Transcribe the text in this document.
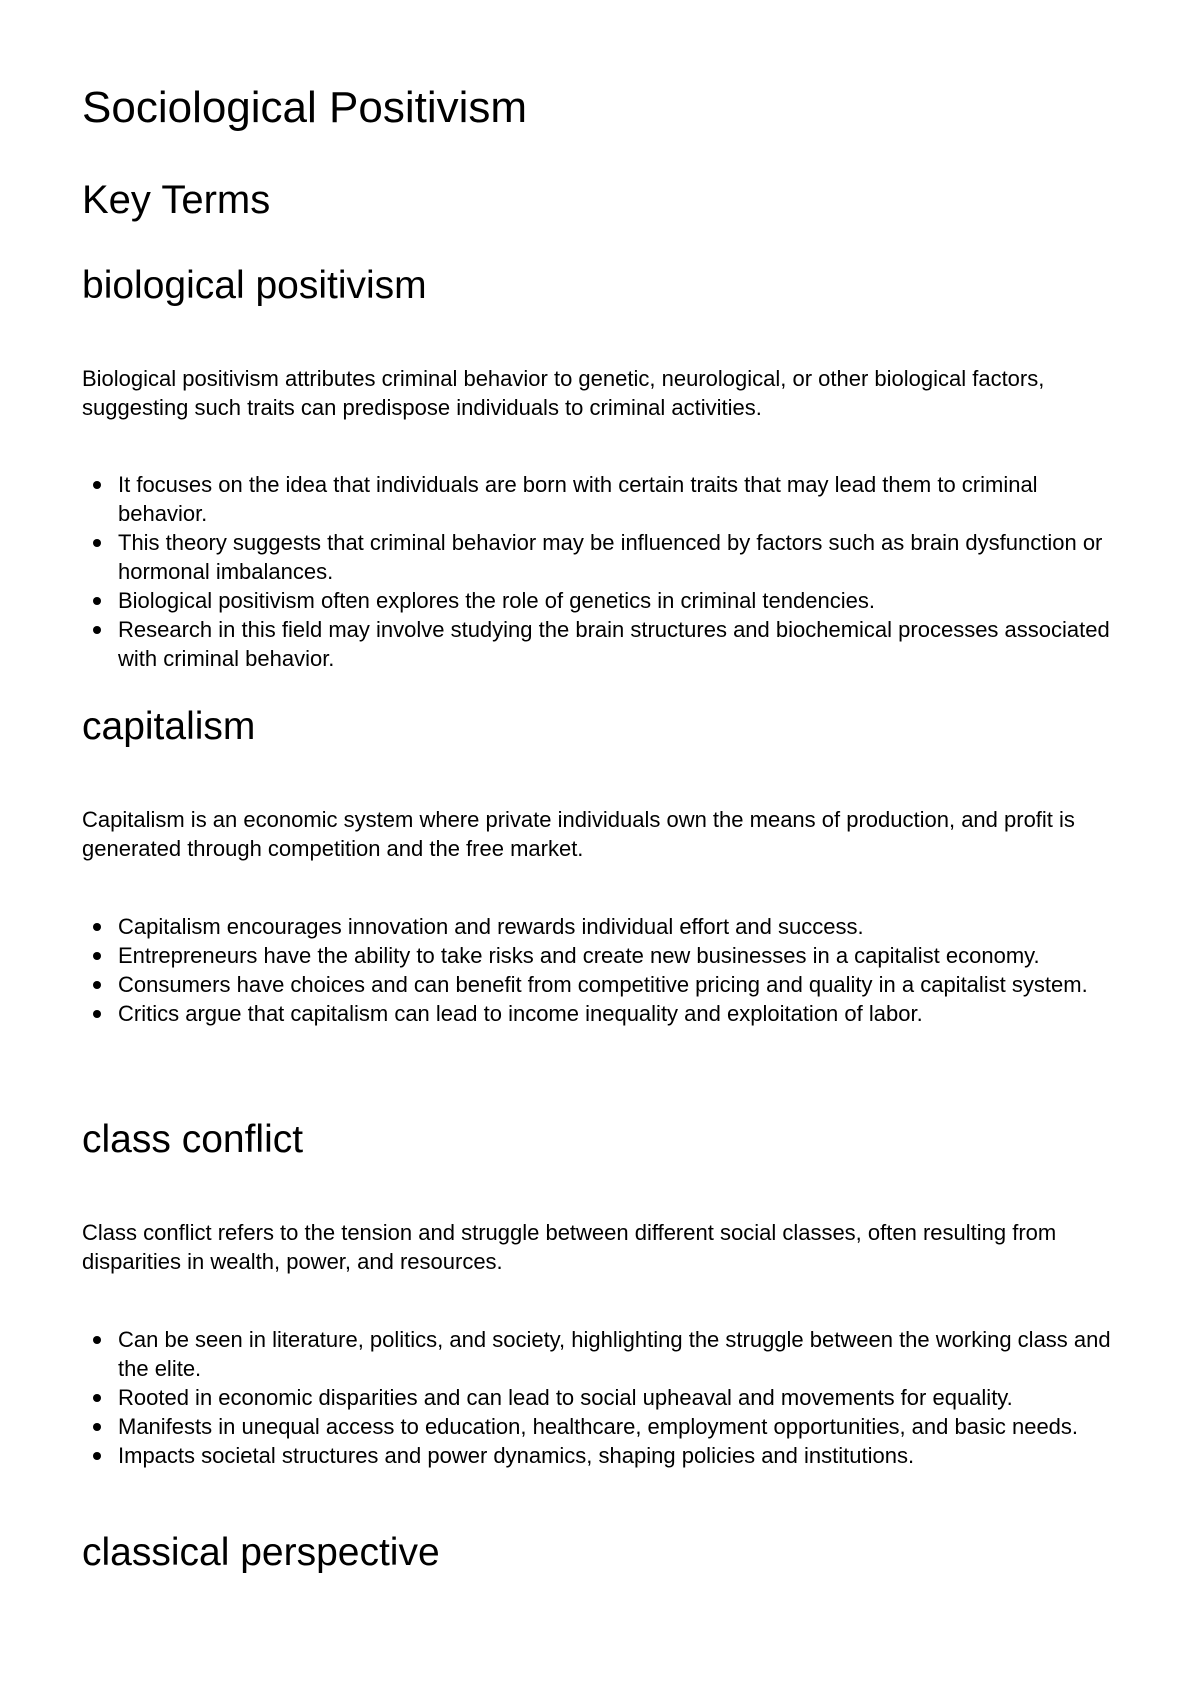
Sociological Positivism
Key Terms
biological positivism

Biological positivism attributes criminal behavior to genetic, neurological, or other biological factors, suggesting such traits can predispose individuals to criminal activities.

It focuses on the idea that individuals are born with certain traits that may lead them to criminal behavior.
This theory suggests that criminal behavior may be influenced by factors such as brain dysfunction or hormonal imbalances.
Biological positivism often explores the role of genetics in criminal tendencies.
Research in this field may involve studying the brain structures and biochemical processes associated with criminal behavior.
capitalism

Capitalism is an economic system where private individuals own the means of production, and profit is generated through competition and the free market.

Capitalism encourages innovation and rewards individual effort and success.
Entrepreneurs have the ability to take risks and create new businesses in a capitalist economy.
Consumers have choices and can benefit from competitive pricing and quality in a capitalist system.
Critics argue that capitalism can lead to income inequality and exploitation of labor.
class conflict

Class conflict refers to the tension and struggle between different social classes, often resulting from disparities in wealth, power, and resources.

Can be seen in literature, politics, and society, highlighting the struggle between the working class and the elite.
Rooted in economic disparities and can lead to social upheaval and movements for equality.
Manifests in unequal access to education, healthcare, employment opportunities, and basic needs.
Impacts societal structures and power dynamics, shaping policies and institutions.
classical perspective
